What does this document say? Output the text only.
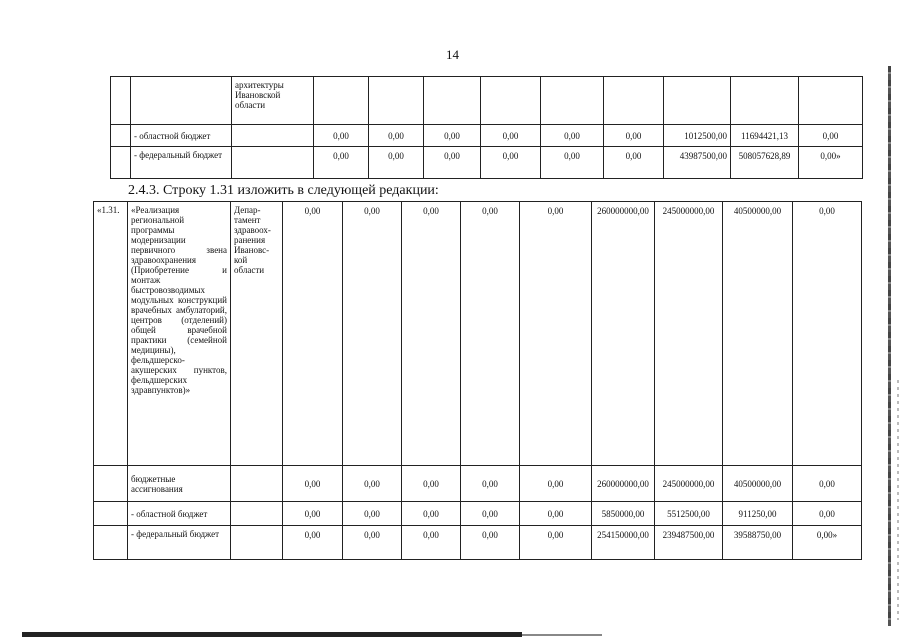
14
		архитектуры Ивановской области									
	- областной бюджет		0,00	0,00	0,00	0,00	0,00	0,00	1012500,00	11694421,13	0,00
	- федеральный бюджет		0,00	0,00	0,00	0,00	0,00	0,00	43987500,00	508057628,89	0,00»
2.4.3. Строку 1.31 изложить в следующей редакции:
«1.31.	«Реализация региональной программы модернизации первичного звена здравоохранения (Приобретение и монтаж быстровозводимых модульных конструкций врачебных амбулаторий, центров (отделений) общей врачебной практики (семейной медицины), фельдшерско-акушерских пунктов, фельдшерских здравпунктов)»	Депар-тамент здравоох-ранения Ивановс-кой области	0,00	0,00	0,00	0,00	0,00	260000000,00	245000000,00	40500000,00	0,00
	бюджетные ассигнования		0,00	0,00	0,00	0,00	0,00	260000000,00	245000000,00	40500000,00	0,00
	- областной бюджет		0,00	0,00	0,00	0,00	0,00	5850000,00	5512500,00	911250,00	0,00
	- федеральный бюджет		0,00	0,00	0,00	0,00	0,00	254150000,00	239487500,00	39588750,00	0,00»
